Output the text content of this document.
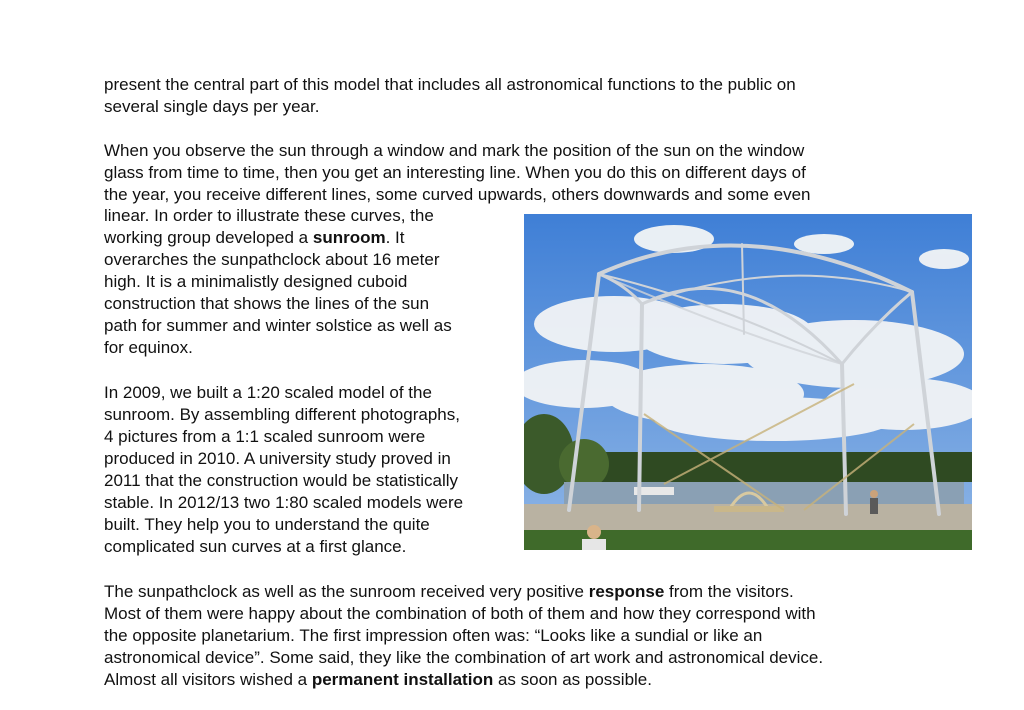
present the central part of this model that includes all astronomical functions to the public on
several single days per year.

When you observe the sun through a window and mark the position of the sun on the window
glass from time to time, then you get an interesting line. When you do this on different days of
the year, you receive different lines, some curved upwards, others downwards and some even

linear. In order to illustrate these curves, the
working group developed a sunroom. It
overarches the sunpathclock about 16 meter
high. It is a minimalistly designed cuboid
construction that shows the lines of the sun
path for summer and winter solstice as well as
for equinox.

In 2009, we built a 1:20 scaled model of the
sunroom. By assembling different photographs,
4 pictures from a 1:1 scaled sunroom were
produced in 2010. A university study proved in
2011 that the construction would be statistically
stable. In 2012/13 two 1:80 scaled models were
built. They help you to understand the quite
complicated sun curves at a first glance.

The sunpathclock as well as the sunroom received very positive response from the visitors.
Most of them were happy about the combination of both of them and how they correspond with
the opposite planetarium. The first impression often was: “Looks like a sundial or like an
astronomical device”. Some said, they like the combination of art work and astronomical device.
Almost all visitors wished a permanent installation as soon as possible.
